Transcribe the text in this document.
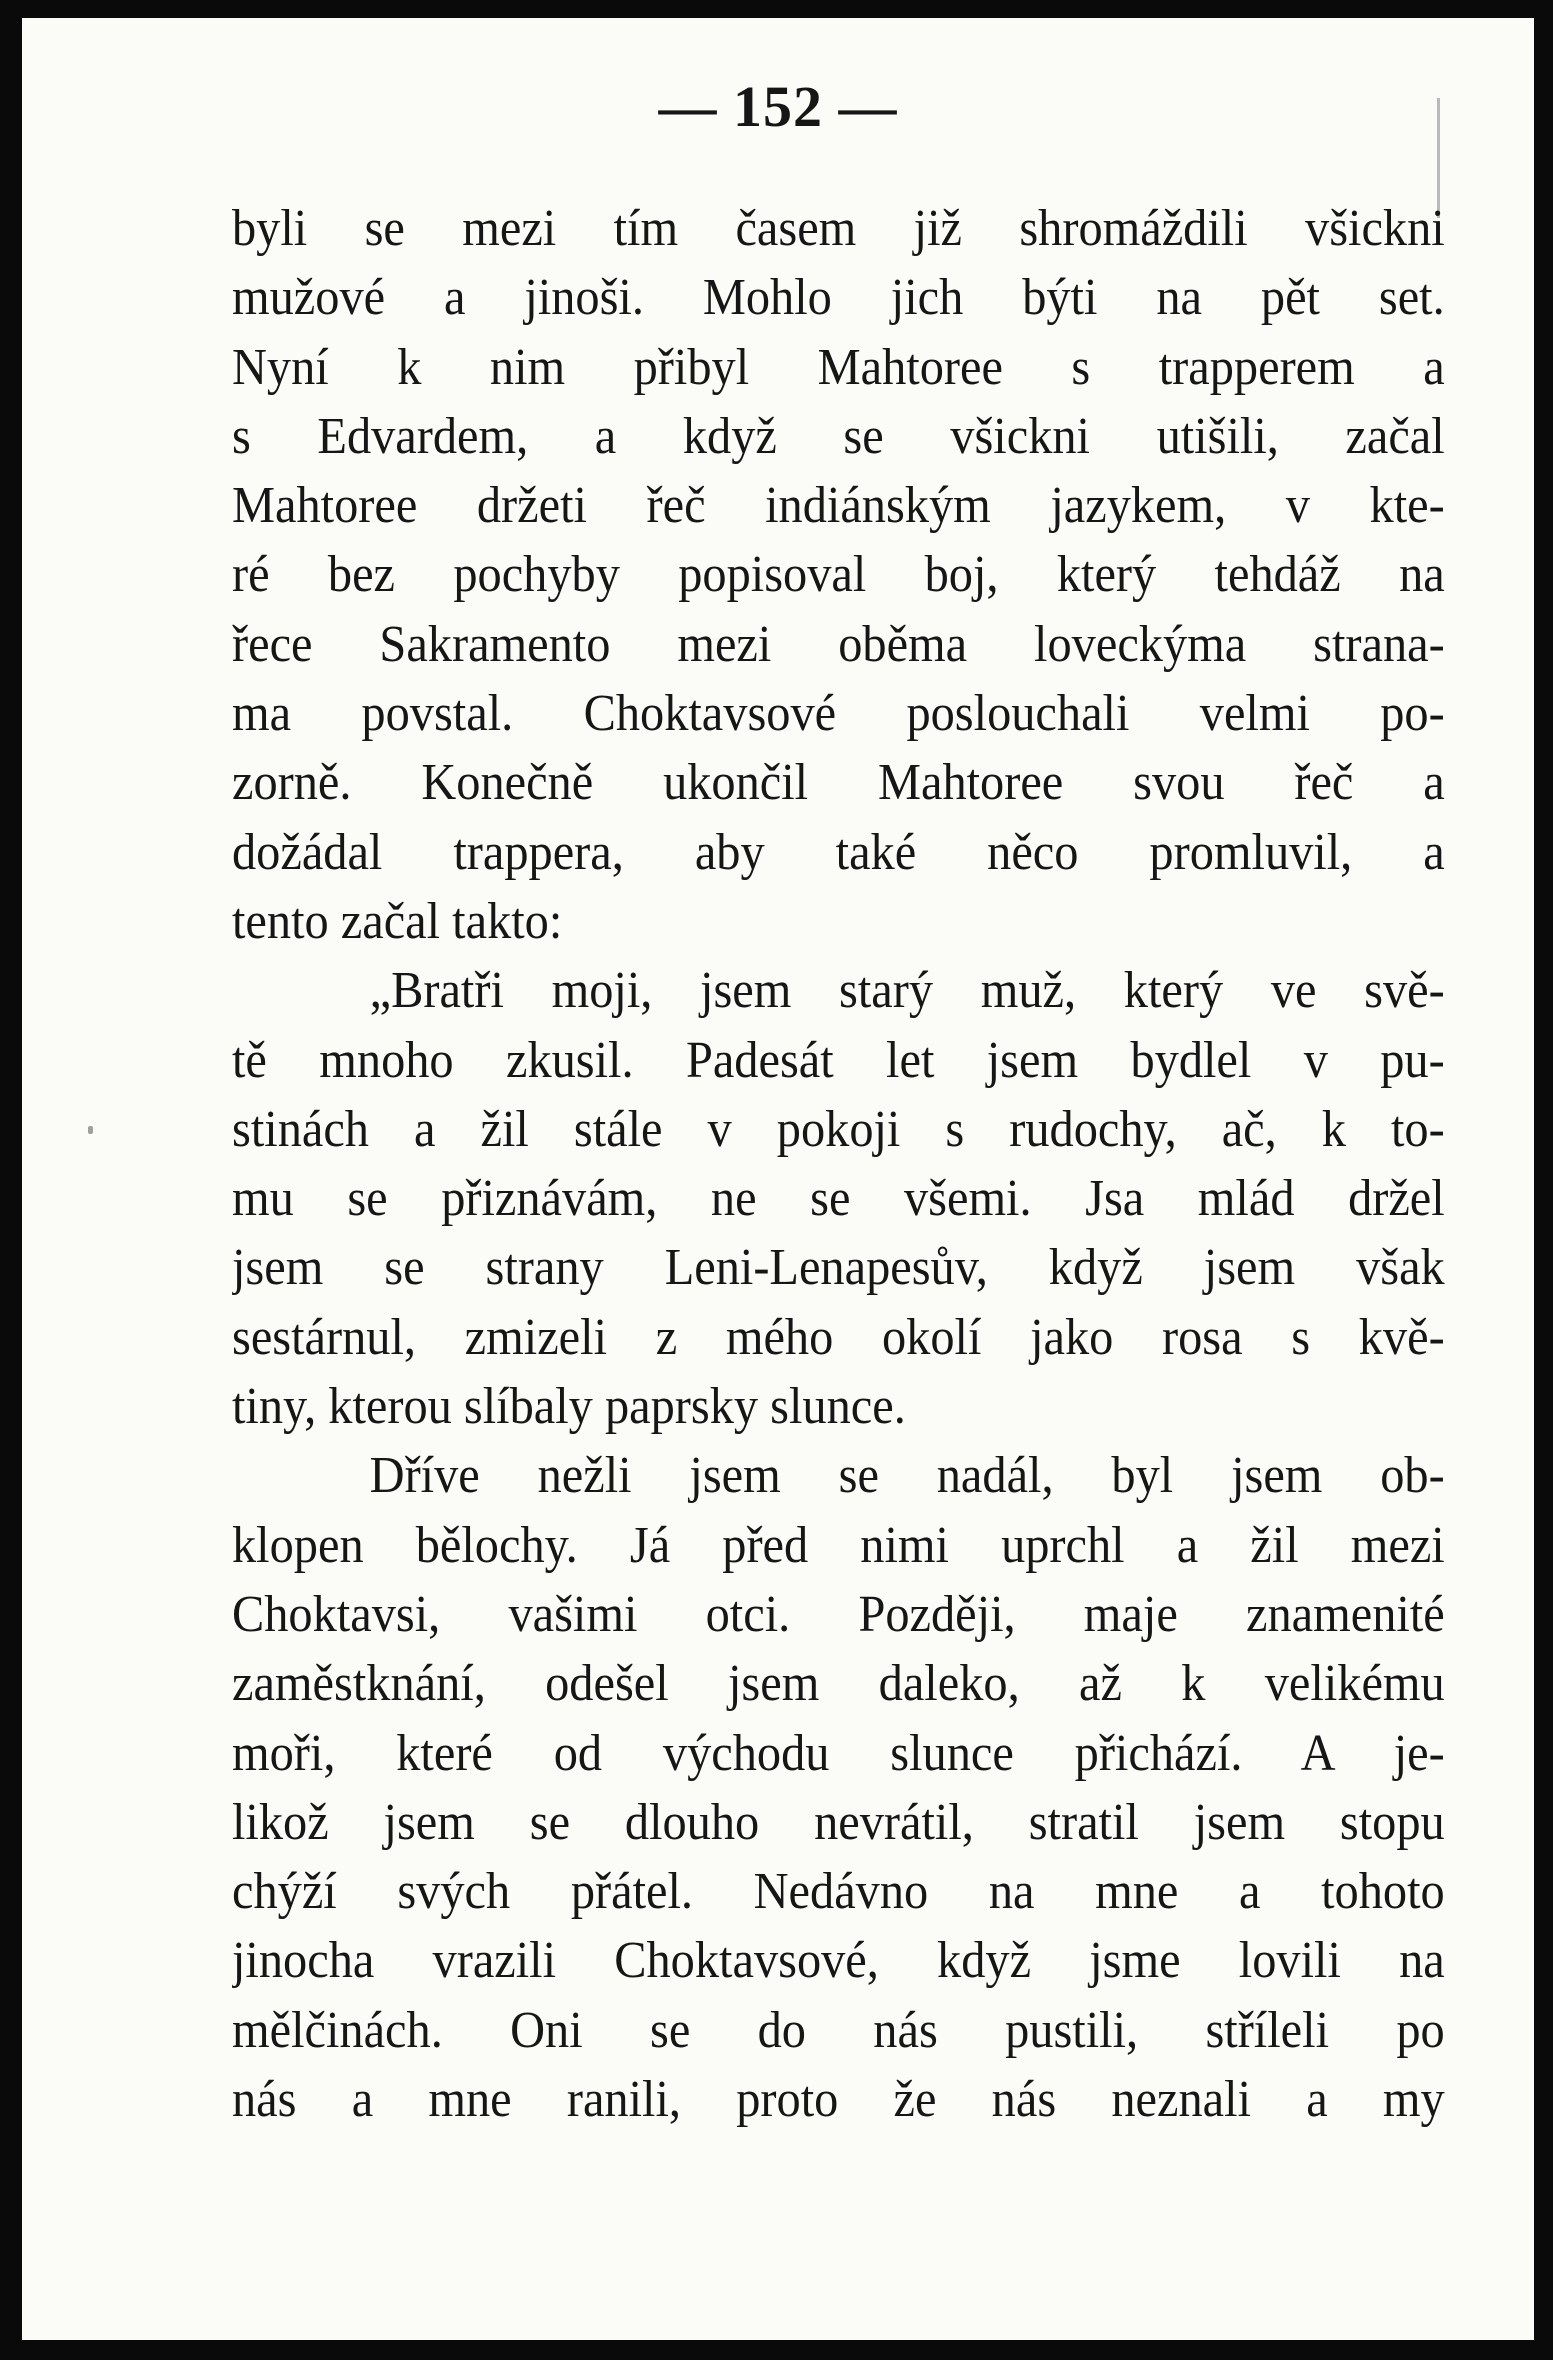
— 152 —
byli se mezi tím časem již shromáždili všickni
mužové a jinoši. Mohlo jich býti na pět set.
Nyní k nim přibyl Mahtoree s trapperem a
s Edvardem, a když se všickni utišili, začal
Mahtoree držeti řeč indiánským jazykem, v kte-
ré bez pochyby popisoval boj, který tehdáž na
řece Sakramento mezi oběma loveckýma strana-
ma povstal. Choktavsové poslouchali velmi po-
zorně. Konečně ukončil Mahtoree svou řeč a
dožádal trappera, aby také něco promluvil, a
tento začal takto:
„Bratři moji, jsem starý muž, který ve svě-
tě mnoho zkusil. Padesát let jsem bydlel v pu-
stinách a žil stále v pokoji s rudochy, ač, k to-
mu se přiznávám, ne se všemi. Jsa mlád držel
jsem se strany Leni-Lenapesův, když jsem však
sestárnul, zmizeli z mého okolí jako rosa s kvě-
tiny, kterou slíbaly paprsky slunce.
Dříve nežli jsem se nadál, byl jsem ob-
klopen bělochy. Já před nimi uprchl a žil mezi
Choktavsi, vašimi otci. Později, maje znamenité
zaměstknání, odešel jsem daleko, až k velikému
moři, které od východu slunce přichází. A je-
likož jsem se dlouho nevrátil, stratil jsem stopu
chýží svých přátel. Nedávno na mne a tohoto
jinocha vrazili Choktavsové, když jsme lovili na
mělčinách. Oni se do nás pustili, stříleli po
nás a mne ranili, proto že nás neznali a my
